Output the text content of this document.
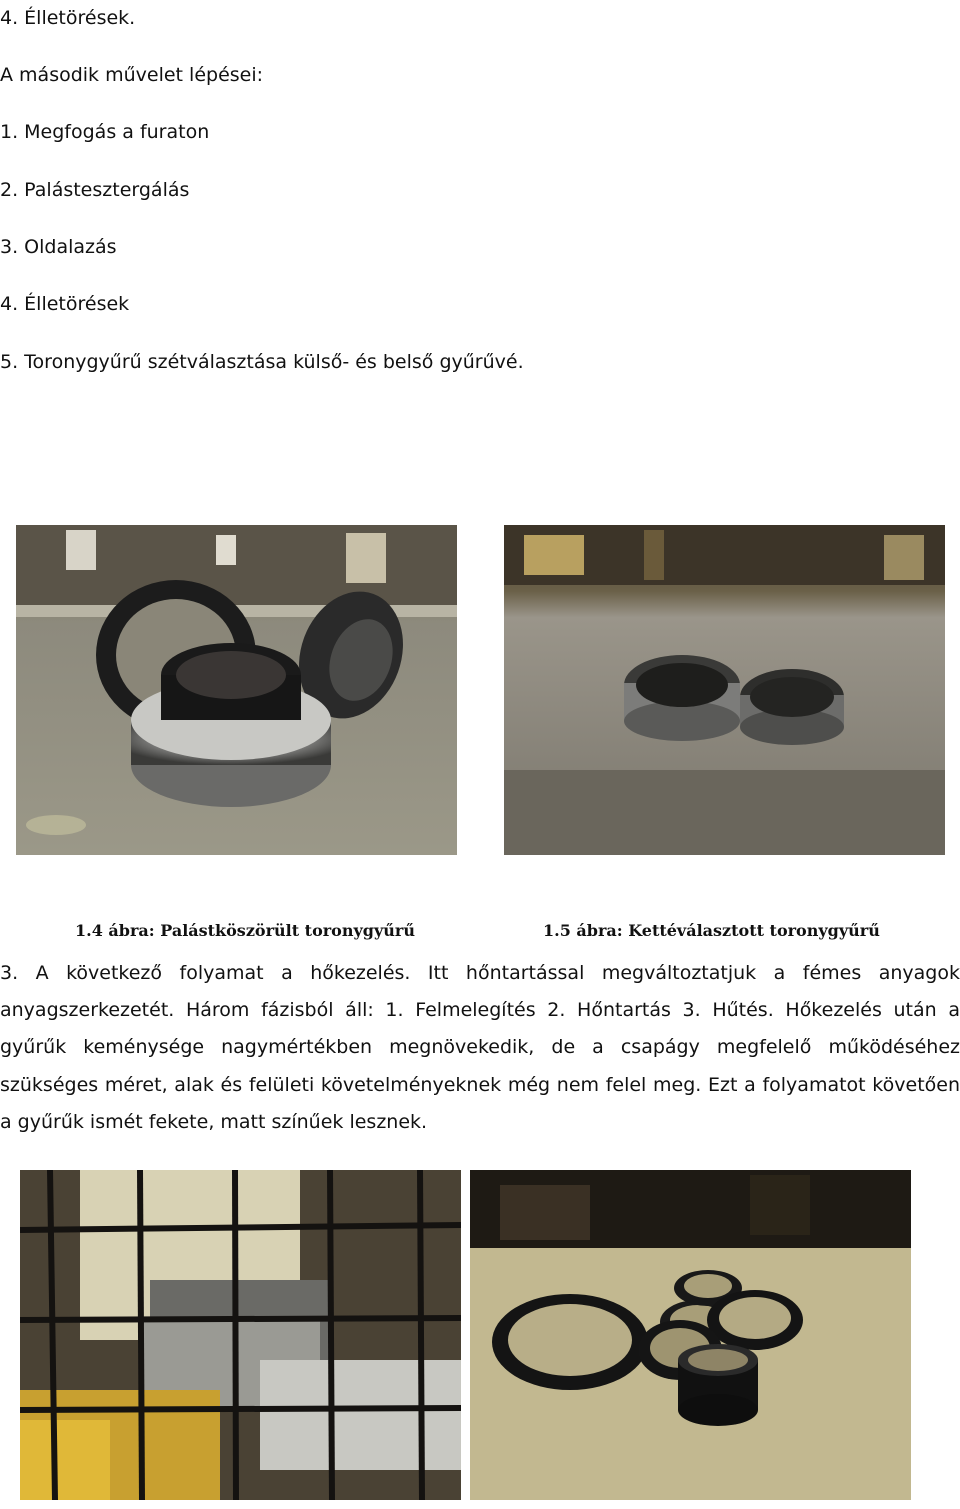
4. Élletörések.

A második művelet lépései:

1. Megfogás a furaton

2. Palástesztergálás

3. Oldalazás

4. Élletörések

5. Toronygyűrű szétválasztása külső- és belső gyűrűvé.

1.4 ábra: Palástköszörült toronygyűrű	1.5 ábra: Kettéválasztott toronygyűrű

3. A következő folyamat a hőkezelés. Itt hőntartással megváltoztatjuk a fémes anyagok anyagszerkezetét. Három fázisból áll: 1. Felmelegítés 2. Hőntartás 3. Hűtés. Hőkezelés után a gyűrűk keménysége nagymértékben megnövekedik, de a csapágy megfelelő működéséhez szükséges méret, alak és felületi követelményeknek még nem felel meg. Ezt a folyamatot követően a gyűrűk ismét fekete, matt színűek lesznek.
